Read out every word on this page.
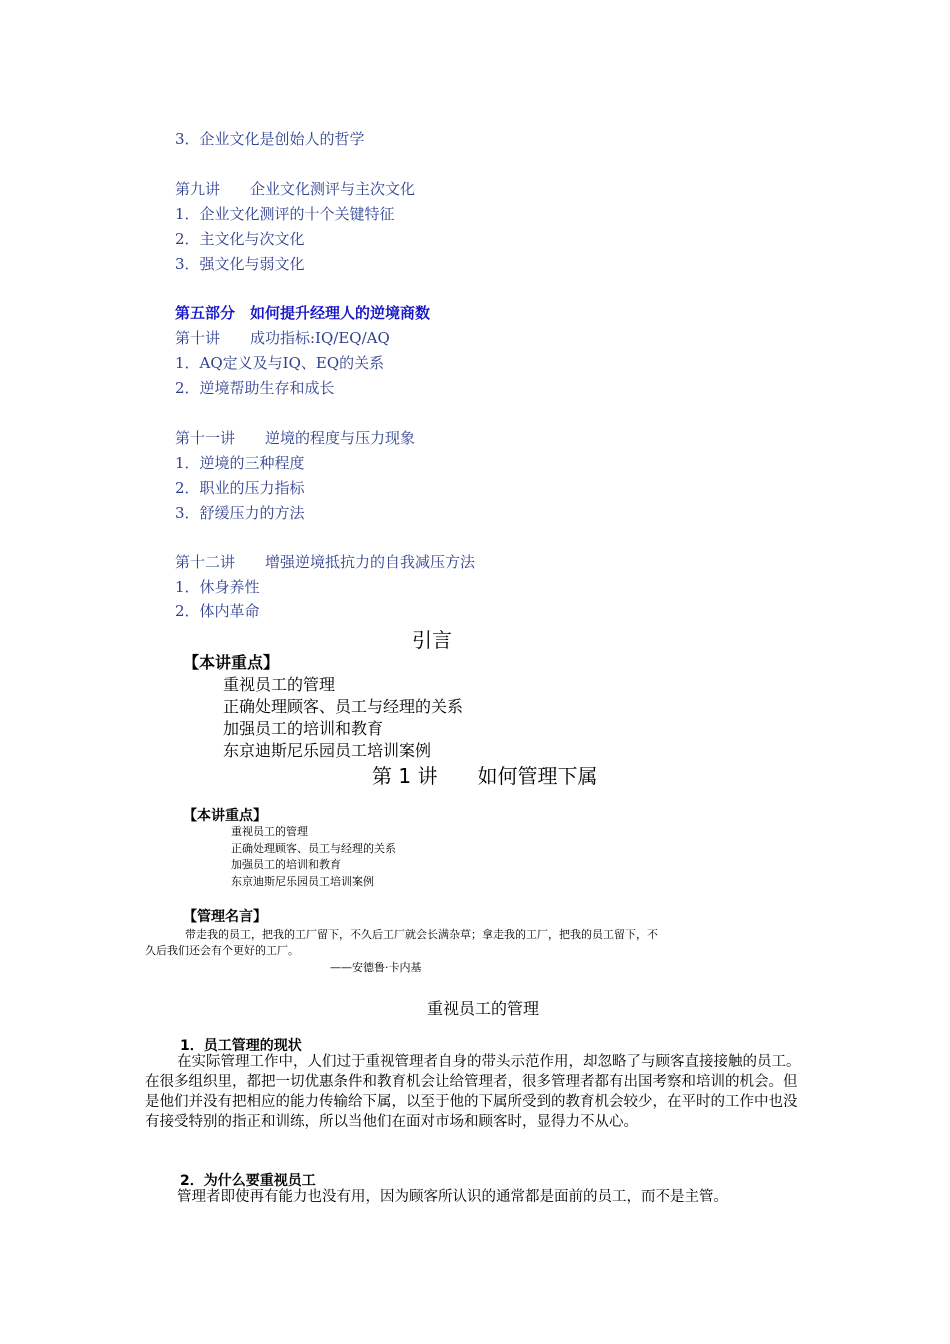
3．企业文化是创始人的哲学
第九讲　　企业文化测评与主次文化
1．企业文化测评的十个关键特征
2．主文化与次文化
3．强文化与弱文化
第五部分　如何提升经理人的逆境商数
第十讲　　成功指标:IQ/EQ/AQ
1．AQ定义及与IQ、EQ的关系
2．逆境帮助生存和成长
第十一讲　　逆境的程度与压力现象
1．逆境的三种程度
2．职业的压力指标
3．舒缓压力的方法
第十二讲　　增强逆境抵抗力的自我减压方法
1．休身养性
2．体内革命
引言
【本讲重点】
重视员工的管理
正确处理顾客、员工与经理的关系
加强员工的培训和教育
东京迪斯尼乐园员工培训案例
第 1 讲　　如何管理下属
【本讲重点】
重视员工的管理
正确处理顾客、员工与经理的关系
加强员工的培训和教育
东京迪斯尼乐园员工培训案例
【管理名言】
带走我的员工，把我的工厂留下，不久后工厂就会长满杂草；拿走我的工厂，把我的员工留下，不
久后我们还会有个更好的工厂。
——安德鲁·卡内基
重视员工的管理
1．员工管理的现状
在实际管理工作中，人们过于重视管理者自身的带头示范作用，却忽略了与顾客直接接触的员工。在很多组织里，都把一切优惠条件和教育机会让给管理者，很多管理者都有出国考察和培训的机会。但是他们并没有把相应的能力传输给下属，以至于他的下属所受到的教育机会较少，在平时的工作中也没有接受特别的指正和训练，所以当他们在面对市场和顾客时，显得力不从心。
2．为什么要重视员工
管理者即使再有能力也没有用，因为顾客所认识的通常都是面前的员工，而不是主管。
